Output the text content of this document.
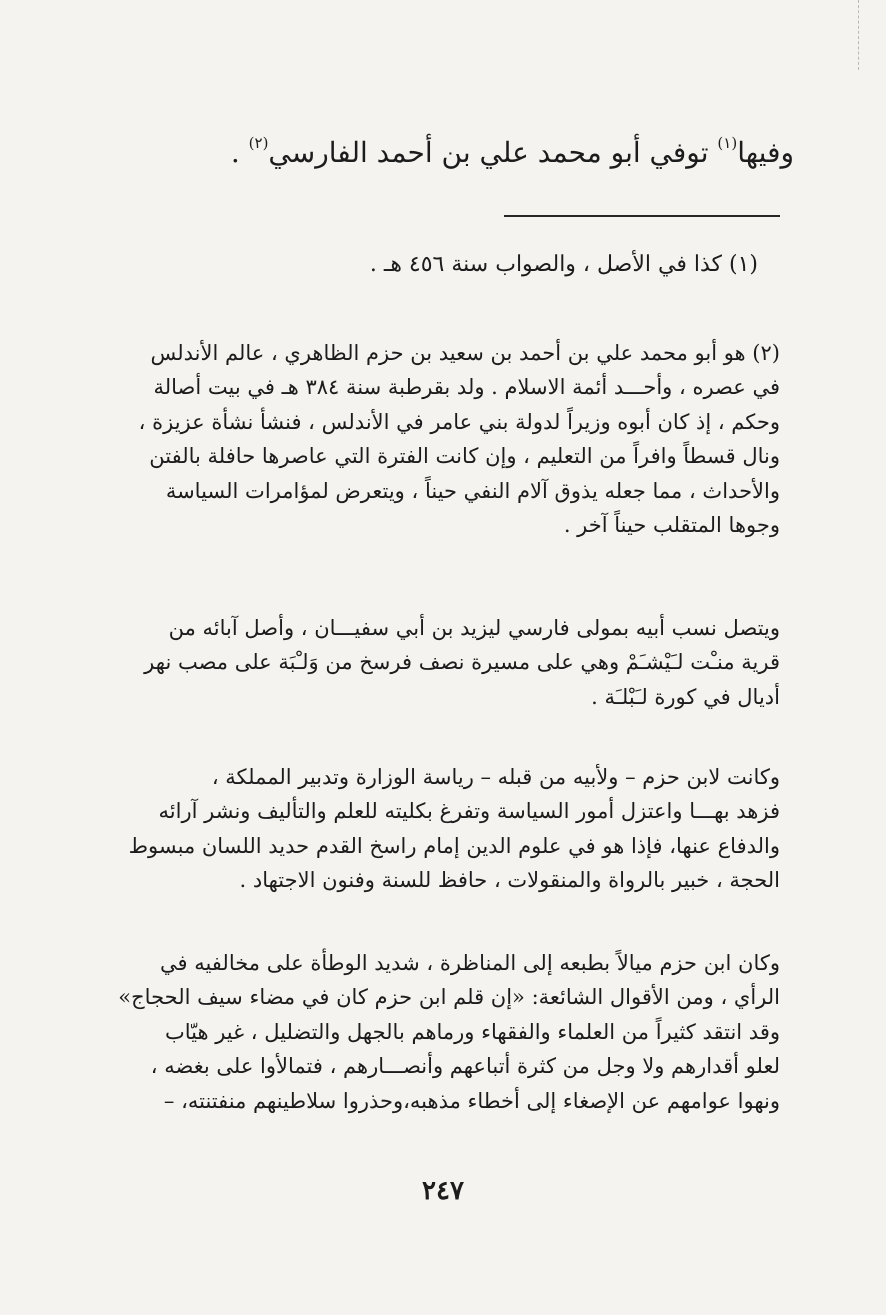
وفيها$^{(١)}$ توفي أبو محمد علي بن أحمد الفارسي$^{(٢)}$ .

(١) كذا في الأصل ، والصواب سنة ٤٥٦ هـ .

(٢) هو أبو محمد علي بن أحمد بن سعيد بن حزم الظاهري ، عالم الأندلس
في عصره ، وأحـــد أئمة الاسلام . ولد بقرطبة سنة ٣٨٤ هـ في بيت أصالة
وحكم ، إذ كان أبوه وزيراً لدولة بني عامر في الأندلس ، فنشأ نشأة عزيزة ،
ونال قسطاً وافراً من التعليم ، وإن كانت الفترة التي عاصرها حافلة بالفتن
والأحداث ، مما جعله يذوق آلام النفي حيناً ، ويتعرض لمؤامرات السياسة
وجوها المتقلب حيناً آخر .
ويتصل نسب أبيه بمولى فارسي ليزيد بن أبي سفيـــان ، وأصل آبائه من
قرية منـْت لـَيْشـَمْ وهي على مسيرة نصف فرسخ من وَلـْبَة على مصب نهر
أديال في كورة لـَبْلـَة .
وكانت لابن حزم – ولأبيه من قبله – رياسة الوزارة وتدبير المملكة ،
فزهد بهـــا واعتزل أمور السياسة وتفرغ بكليته للعلم والتأليف ونشر آرائه
والدفاع عنها، فإذا هو في علوم الدين إمام راسخ القدم حديد اللسان مبسوط
الحجة ، خبير بالرواة والمنقولات ، حافظ للسنة وفنون الاجتهاد .
وكان ابن حزم ميالاً بطبعه إلى المناظرة ، شديد الوطأة على مخالفيه في
الرأي ، ومن الأقوال الشائعة: «إن قلم ابن حزم كان في مضاء سيف الحجاج»
وقد انتقد كثيراً من العلماء والفقهاء ورماهم بالجهل والتضليل ، غير هيّاب
لعلو أقدارهم ولا وجل من كثرة أتباعهم وأنصـــارهم ، فتمالأوا على بغضه ،
ونهوا عوامهم عن الإصغاء إلى أخطاء مذهبه،وحذروا سلاطينهم منفتنته، –
٢٤٧
